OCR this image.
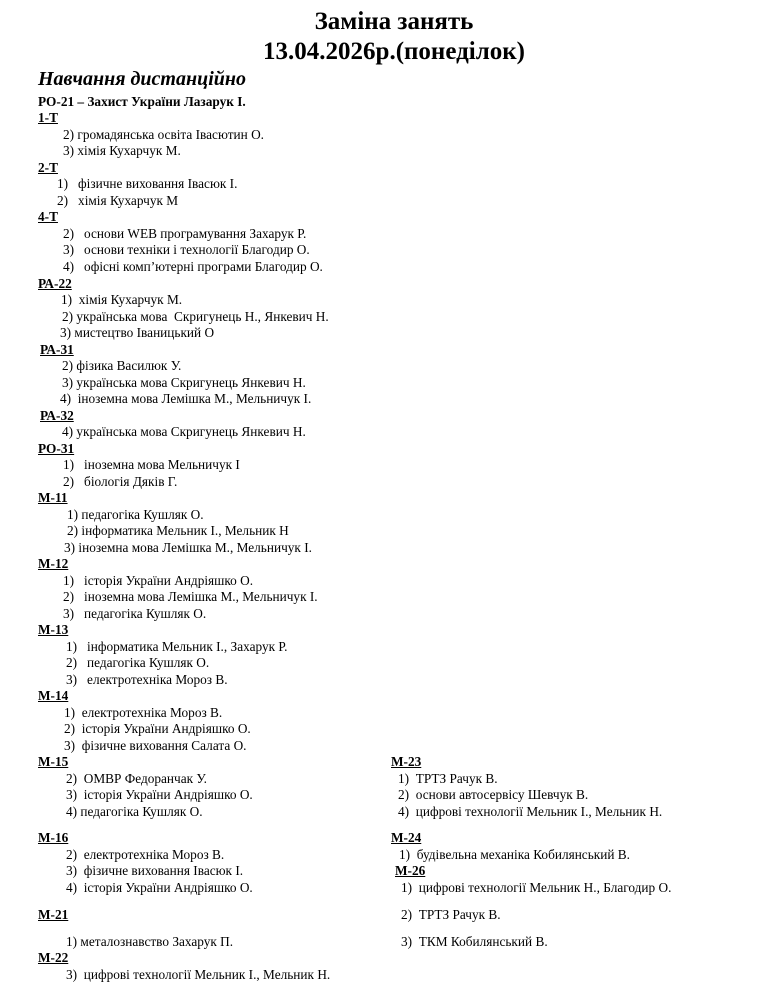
Заміна занять
13.04.2026р.(понеділок)
Навчання дистанційно
РО-21 – Захист України Лазарук І.
1-Т
2) громадянська освіта Івасютин О.
3) хімія Кухарчук М.
2-Т
1)   фізичне виховання Івасюк І.
2)   хімія Кухарчук М
4-Т
2)   основи WEB програмування Захарук Р.
3)   основи техніки і технології Благодир О.
4)   офісні комп’ютерні програми Благодир О.
РА-22
1)  хімія Кухарчук М.
2) українська мова  Скригунець Н., Янкевич Н.
3) мистецтво Іваницький О
РА-31
2) фізика Василюк У.
3) українська мова Скригунець Янкевич Н.
4)  іноземна мова Лемішка М., Мельничук І.
РА-32
4) українська мова Скригунець Янкевич Н.
РО-31
1)   іноземна мова Мельничук І
2)   біологія Дяків Г.
М-11
1) педагогіка Кушляк О.
2) інформатика Мельник І., Мельник Н
3) іноземна мова Лемішка М., Мельничук І.
М-12
1)   історія України Андріяшко О.
2)   іноземна мова Лемішка М., Мельничук І.
3)   педагогіка Кушляк О.
М-13
1)   інформатика Мельник І., Захарук Р.
2)   педагогіка Кушляк О.
3)   електротехніка Мороз В.
М-14
1)  електротехніка Мороз В.
2)  історія України Андріяшко О.
3)  фізичне виховання Салата О.
М-15
2)  ОМВР Федоранчак У.
3)  історія України Андріяшко О.
4) педагогіка Кушляк О.
М-16
2)  електротехніка Мороз В.
3)  фізичне виховання Івасюк І.
4)  історія України Андріяшко О.
М-21
1) металознавство Захарук П.
М-22
3)  цифрові технології Мельник І., Мельник Н.
М-23
1)  ТРТЗ Рачук В.
2)  основи автосервісу Шевчук В.
4)  цифрові технології Мельник І., Мельник Н.
М-24
1)  будівельна механіка Кобилянський В.
М-26
1)  цифрові технології Мельник Н., Благодир О.
2)  ТРТЗ Рачук В.
3)  ТКМ Кобилянський В.
